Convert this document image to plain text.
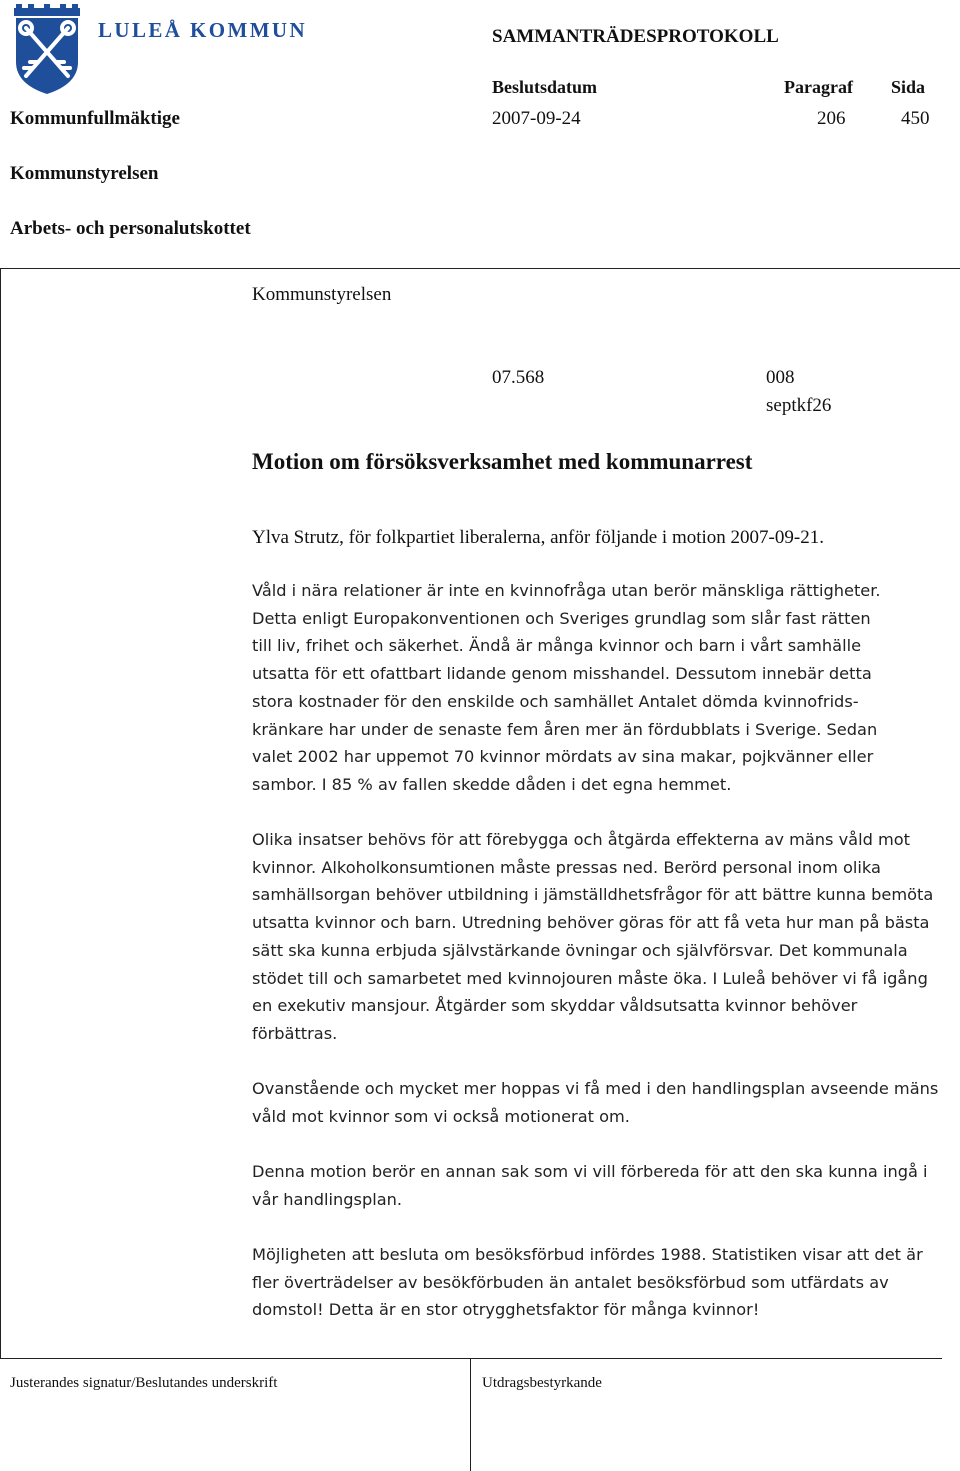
LULEÅ KOMMUN	SAMMANTRÄDESPROTOKOLL
Beslutsdatum	Paragraf Sida
Kommunfullmäktige	2007-09-24	206	450
Kommunstyrelsen
Arbets- och personalutskottet
Kommunstyrelsen
07.568	008
septkf26
Motion om försöksverksamhet med kommunarrest
Ylva Strutz, för folkpartiet liberalerna, anför följande i motion 2007-09-21.
Våld i nära relationer är inte en kvinnofråga utan berör mänskliga rättigheter.
Detta enligt Europakonventionen och Sveriges grundlag som slår fast rätten
till liv, frihet och säkerhet. Ändå är många kvinnor och barn i vårt samhälle
utsatta för ett ofattbart lidande genom misshandel. Dessutom innebär detta
stora kostnader för den enskilde och samhället Antalet dömda kvinnofrids-
kränkare har under de senaste fem åren mer än fördubblats i Sverige. Sedan
valet 2002 har uppemot 70 kvinnor mördats av sina makar, pojkvänner eller
sambor. I 85 % av fallen skedde dåden i det egna hemmet.
Olika insatser behövs för att förebygga och åtgärda effekterna av mäns våld mot kvinnor. Alkoholkonsumtionen måste pressas ned. Berörd personal inom olika samhällsorgan behöver utbildning i jämställdhetsfrågor för att bättre kunna bemöta utsatta kvinnor och barn. Utredning behöver göras för att få veta hur man på bästa sätt ska kunna erbjuda självstärkande övningar och självförsvar. Det kommunala stödet till och samarbetet med kvinnojouren måste öka. I Luleå behöver vi få igång en exekutiv mansjour. Åtgärder som skyddar våldsutsatta kvinnor behöver förbättras.
Ovanstående och mycket mer hoppas vi få med i den handlingsplan avseende mäns våld mot kvinnor som vi också motionerat om.
Denna motion berör en annan sak som vi vill förbereda för att den ska kunna ingå i vår handlingsplan.
Möjligheten att besluta om besöksförbud infördes 1988. Statistiken visar att det är fler överträdelser av besökförbuden än antalet besöksförbud som utfärdats av domstol! Detta är en stor otrygghetsfaktor för många kvinnor!
Justerandes signatur/Beslutandes underskrift	Utdragsbestyrkande
